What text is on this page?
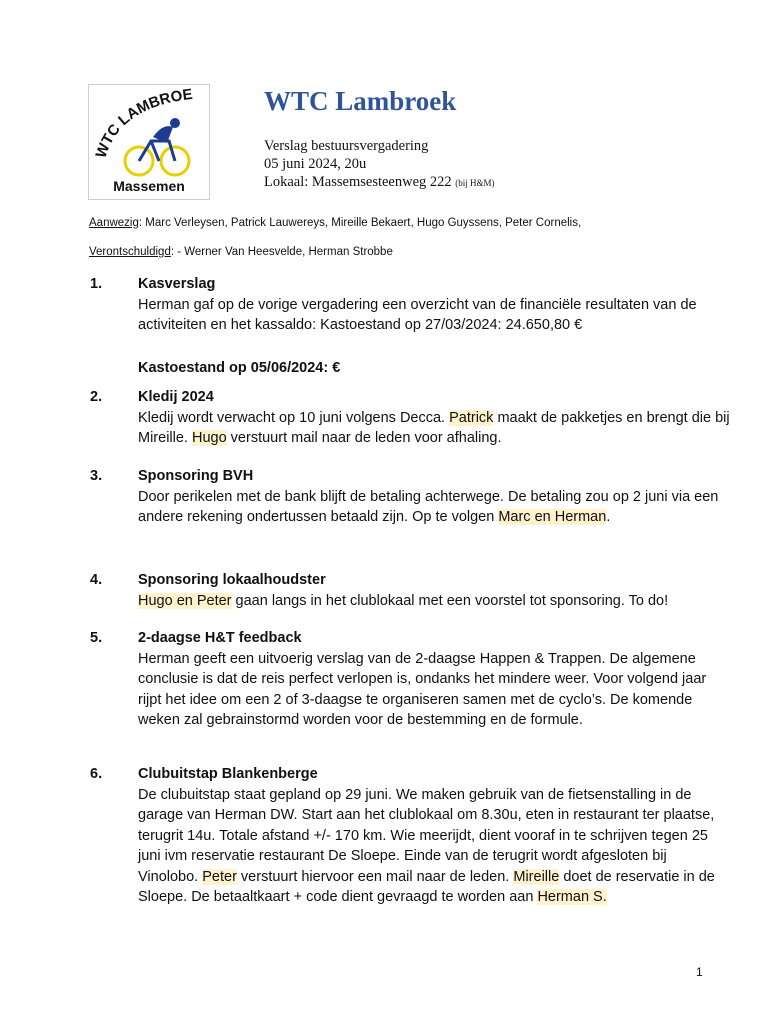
WTC LAMBROE
Massemen
WTC Lambroek
Verslag bestuursvergadering
05 juni 2024, 20u
Lokaal: Massemsesteenweg 222 (bij H&M)
Aanwezig: Marc Verleysen, Patrick Lauwereys, Mireille Bekaert, Hugo Guyssens, Peter Cornelis,
Verontschuldigd: - Werner Van Heesvelde, Herman Strobbe
1.	Kasverslag
Herman gaf op de vorige vergadering een overzicht van de financiële resultaten van de activiteiten en het kassaldo: Kastoestand op 27/03/2024: 24.650,80 €
Kastoestand op 05/06/2024: €
2.	Kledij 2024
Kledij wordt verwacht op 10 juni volgens Decca. Patrick maakt de pakketjes en brengt die bij Mireille. Hugo verstuurt mail naar de leden voor afhaling.
3.	Sponsoring BVH
Door perikelen met de bank blijft de betaling achterwege. De betaling zou op 2 juni via een andere rekening ondertussen betaald zijn. Op te volgen Marc en Herman.
4.	Sponsoring lokaalhoudster
Hugo en Peter gaan langs in het clublokaal met een voorstel tot sponsoring. To do!
5.	2-daagse H&T feedback
Herman geeft een uitvoerig verslag van de 2-daagse Happen & Trappen. De algemene conclusie is dat de reis perfect verlopen is, ondanks het mindere weer. Voor volgend jaar rijpt het idee om een 2 of 3-daagse te organiseren samen met de cyclo’s. De komende weken zal gebrainstormd worden voor de bestemming en de formule.
6.	Clubuitstap Blankenberge
De clubuitstap staat gepland op 29 juni. We maken gebruik van de fietsenstalling in de garage van Herman DW. Start aan het clublokaal om 8.30u, eten in restaurant ter plaatse, terugrit 14u. Totale afstand +/- 170 km. Wie meerijdt, dient vooraf in te schrijven tegen 25 juni ivm reservatie restaurant De Sloepe. Einde van de terugrit wordt afgesloten bij Vinolobo. Peter verstuurt hiervoor een mail naar de leden. Mireille doet de reservatie in de Sloepe. De betaaltkaart + code dient gevraagd te worden aan Herman S.
1
